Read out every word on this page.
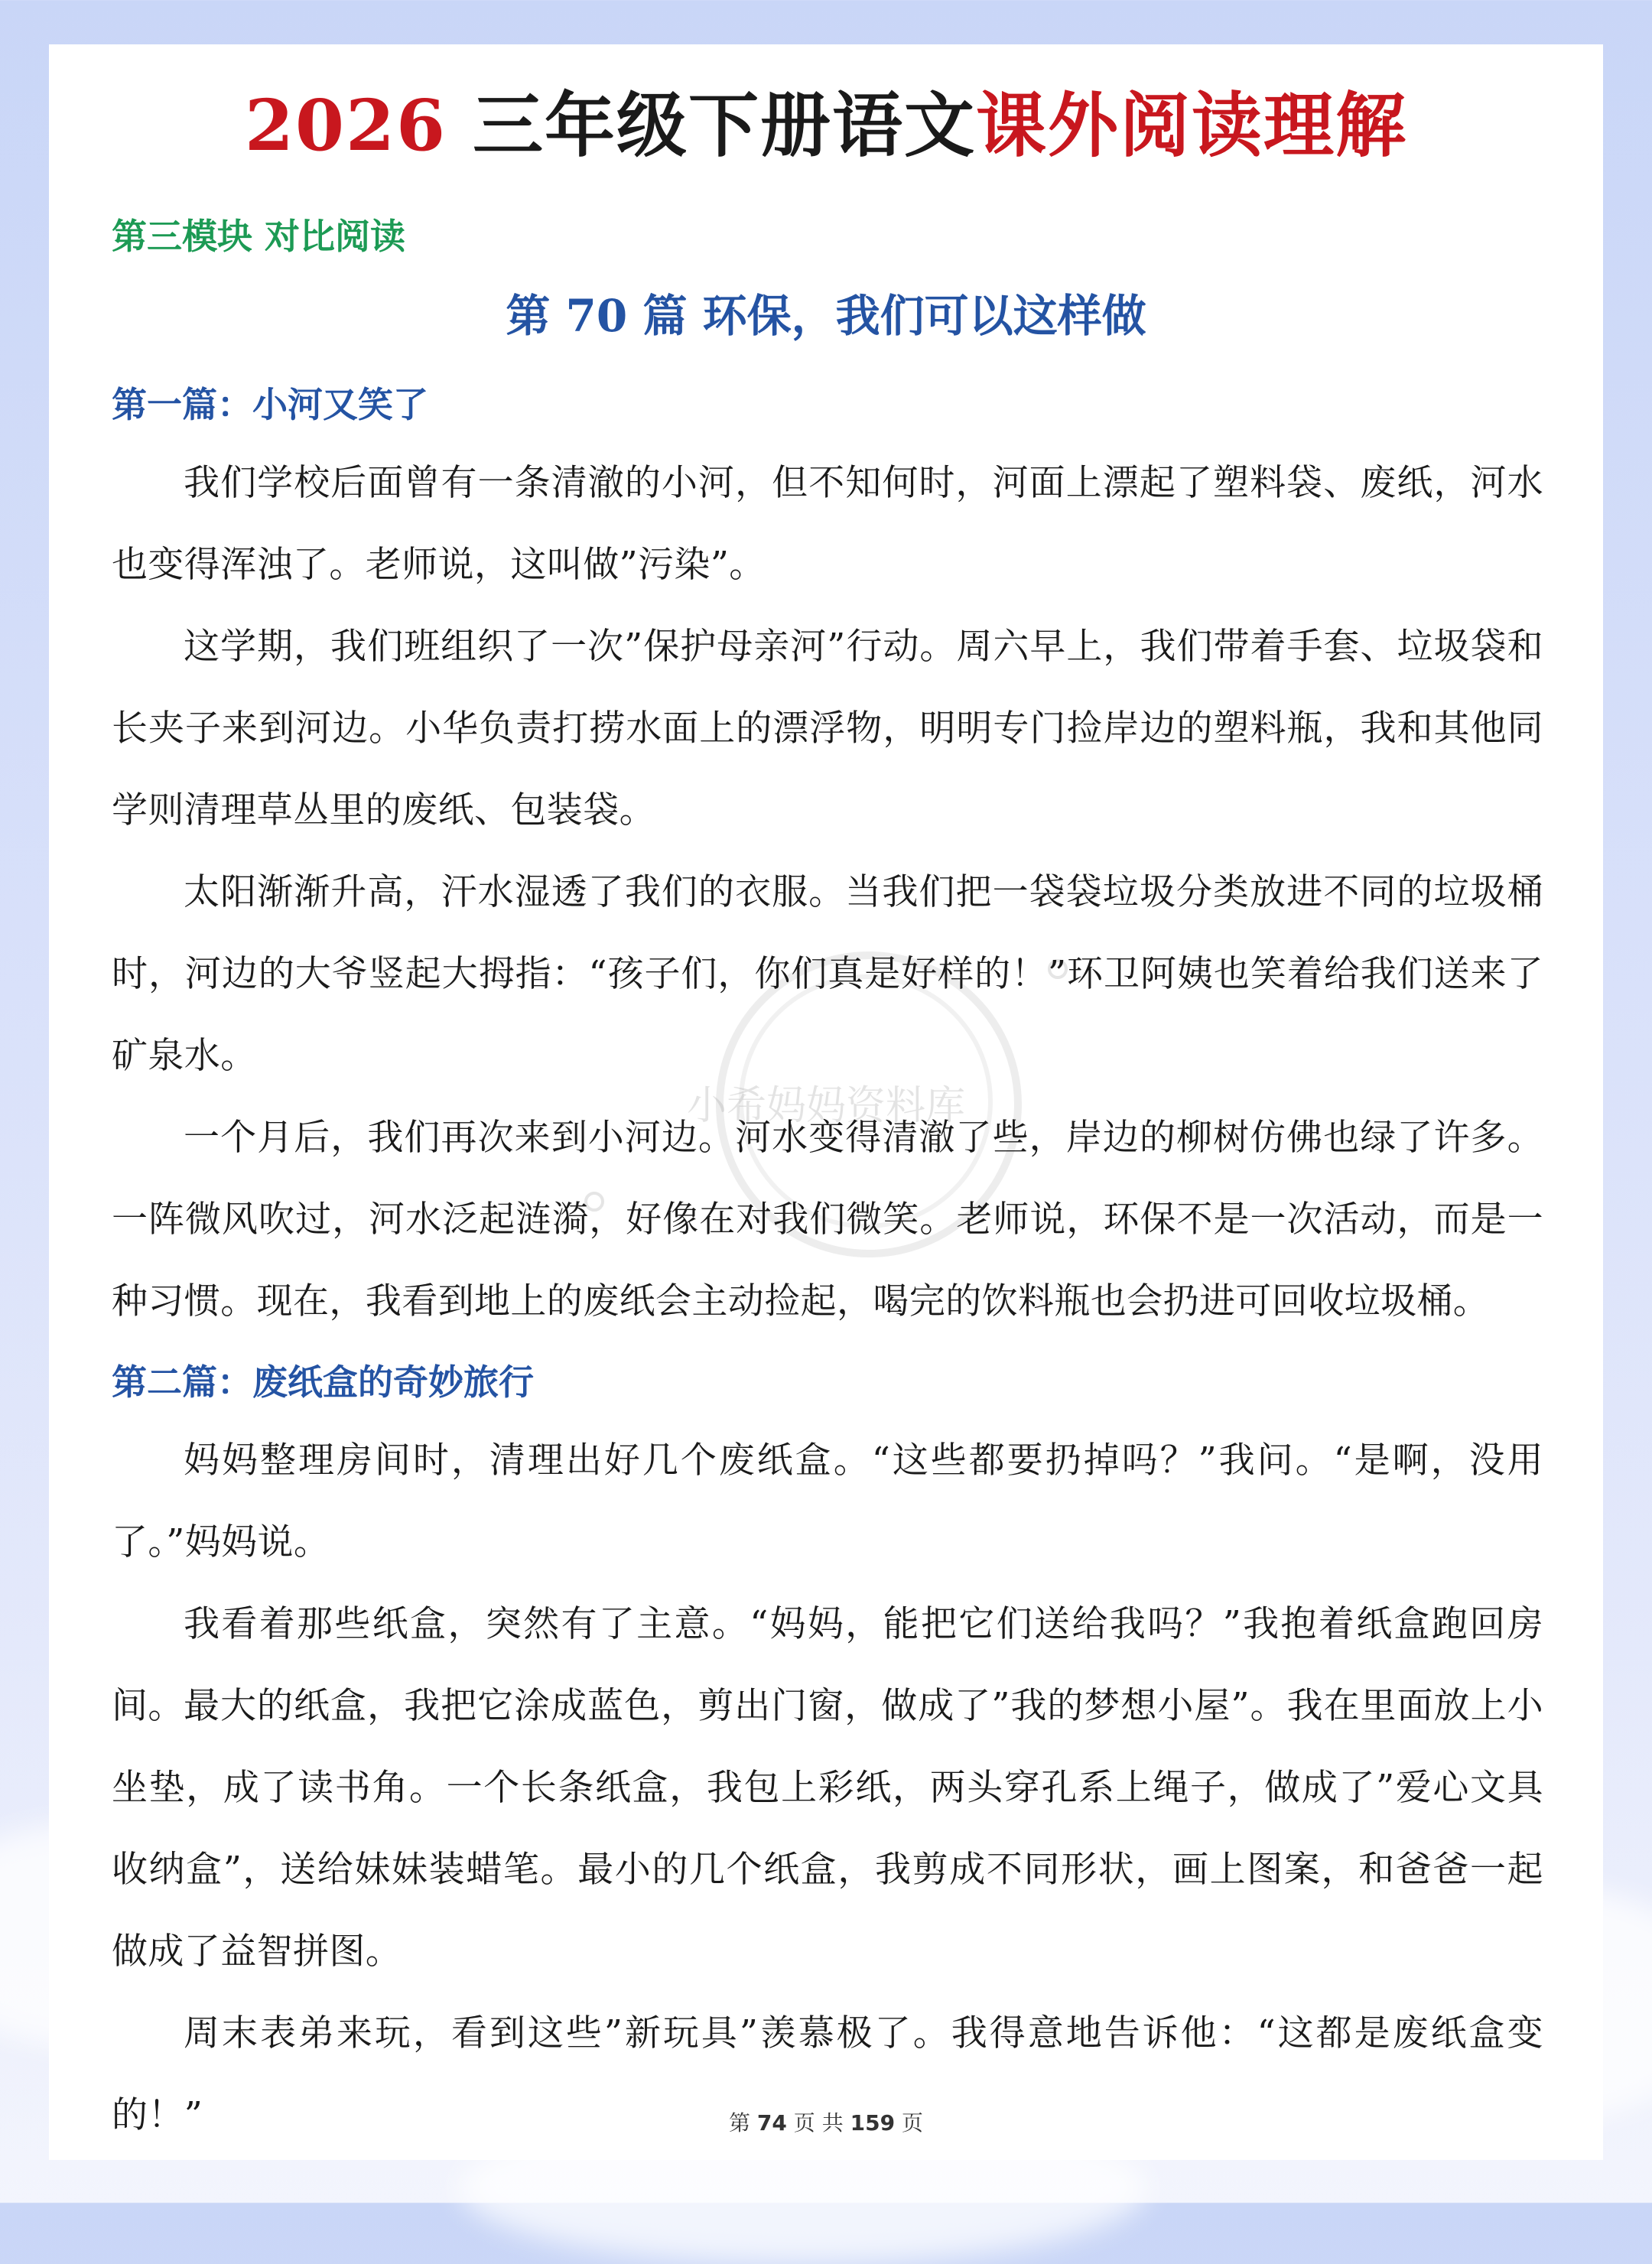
小希妈妈资料库
2026 三年级下册语文课外阅读理解
第三模块 对比阅读
第 70 篇 环保，我们可以这样做
第一篇：小河又笑了
我们学校后面曾有一条清澈的小河，但不知何时，河面上漂起了塑料袋、废纸，河水也变得浑浊了。老师说，这叫做”污染”。
这学期，我们班组织了一次”保护母亲河”行动。周六早上，我们带着手套、垃圾袋和长夹子来到河边。小华负责打捞水面上的漂浮物，明明专门捡岸边的塑料瓶，我和其他同学则清理草丛里的废纸、包装袋。
太阳渐渐升高，汗水湿透了我们的衣服。当我们把一袋袋垃圾分类放进不同的垃圾桶时，河边的大爷竖起大拇指：“孩子们，你们真是好样的！”环卫阿姨也笑着给我们送来了矿泉水。
一个月后，我们再次来到小河边。河水变得清澈了些，岸边的柳树仿佛也绿了许多。一阵微风吹过，河水泛起涟漪，好像在对我们微笑。老师说，环保不是一次活动，而是一种习惯。现在，我看到地上的废纸会主动捡起，喝完的饮料瓶也会扔进可回收垃圾桶。
第二篇：废纸盒的奇妙旅行
妈妈整理房间时，清理出好几个废纸盒。“这些都要扔掉吗？”我问。“是啊，没用了。”妈妈说。
我看着那些纸盒，突然有了主意。“妈妈，能把它们送给我吗？”我抱着纸盒跑回房间。 最大的纸盒，我把它涂成蓝色，剪出门窗，做成了”我的梦想小屋”。我在里面放上小坐垫，成了读书角。一个长条纸盒，我包上彩纸，两头穿孔系上绳子，做成了”爱心文具收纳盒”，送给妹妹装蜡笔。最小的几个纸盒，我剪成不同形状，画上图案，和爸爸一起做成了益智拼图。
周末表弟来玩，看到这些”新玩具”羡慕极了。我得意地告诉他：“这都是废纸盒变的！”	第 74 页 共 159 页
